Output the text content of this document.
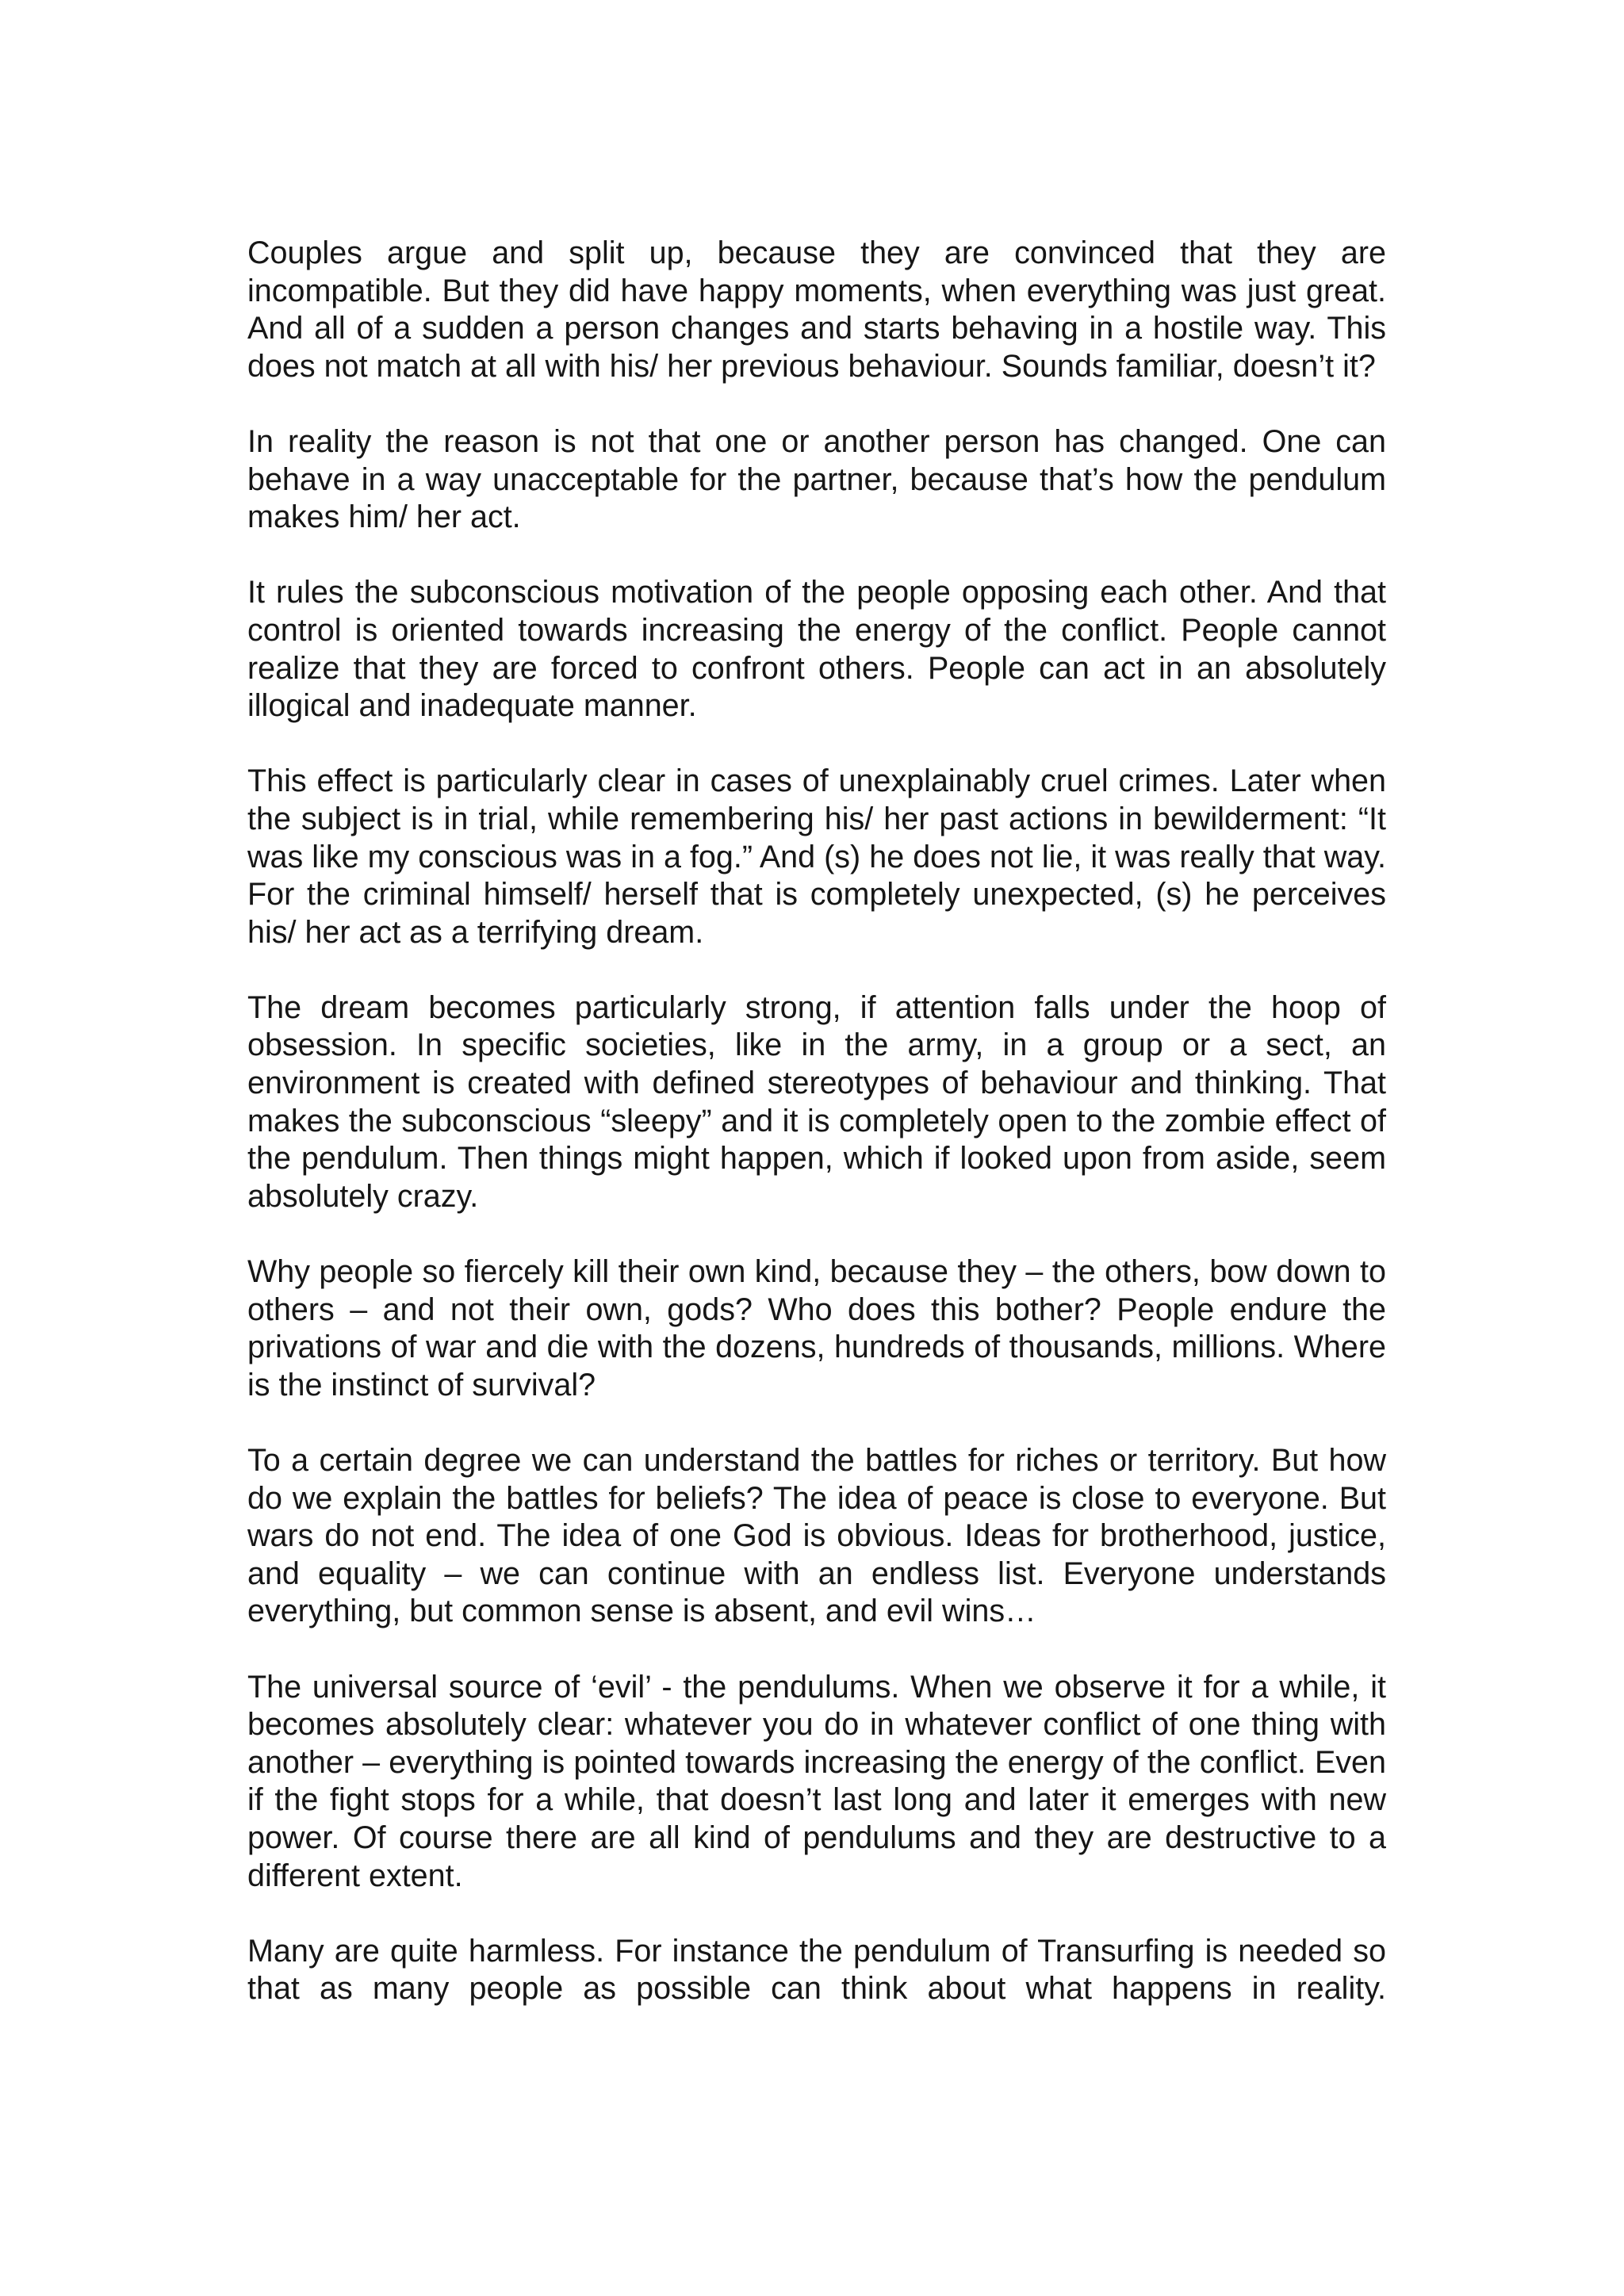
Couples argue and split up, because they are convinced that they are incompatible. But they did have happy moments, when everything was just great. And all of a sudden a person changes and starts behaving in a hostile way. This does not match at all with his/ her previous behaviour. Sounds familiar, doesn’t it?

In reality the reason is not that one or another person has changed. One can behave in a way unacceptable for the partner, because that’s how the pendulum makes him/ her act.

It rules the subconscious motivation of the people opposing each other. And that control is oriented towards increasing the energy of the conflict. People cannot realize that they are forced to confront others. People can act in an absolutely illogical and inadequate manner.

This effect is particularly clear in cases of unexplainably cruel crimes. Later when the subject is in trial, while remembering his/ her past actions in bewilderment: “It was like my conscious was in a fog.” And (s) he does not lie, it was really that way. For the criminal himself/ herself that is completely unexpected, (s) he perceives his/ her act as a terrifying dream.

The dream becomes particularly strong, if attention falls under the hoop of obsession. In specific societies, like in the army, in a group or a sect, an environment is created with defined stereotypes of behaviour and thinking. That makes the subconscious “sleepy” and it is completely open to the zombie effect of the pendulum. Then things might happen, which if looked upon from aside, seem absolutely crazy.

Why people so fiercely kill their own kind, because they – the others, bow down to others – and not their own, gods? Who does this bother? People endure the privations of war and die with the dozens, hundreds of thousands, millions. Where is the instinct of survival?

To a certain degree we can understand the battles for riches or territory. But how do we explain the battles for beliefs? The idea of peace is close to everyone. But wars do not end. The idea of one God is obvious. Ideas for brotherhood, justice, and equality – we can continue with an endless list. Everyone understands everything, but common sense is absent, and evil wins…

The universal source of ‘evil’ - the pendulums. When we observe it for a while, it becomes absolutely clear: whatever you do in whatever conflict of one thing with another – everything is pointed towards increasing the energy of the conflict. Even if the fight stops for a while, that doesn’t last long and later it emerges with new power. Of course there are all kind of pendulums and they are destructive to a different extent.

Many are quite harmless. For instance the pendulum of Transurfing is needed so that as many people as possible can think about what happens in reality.
